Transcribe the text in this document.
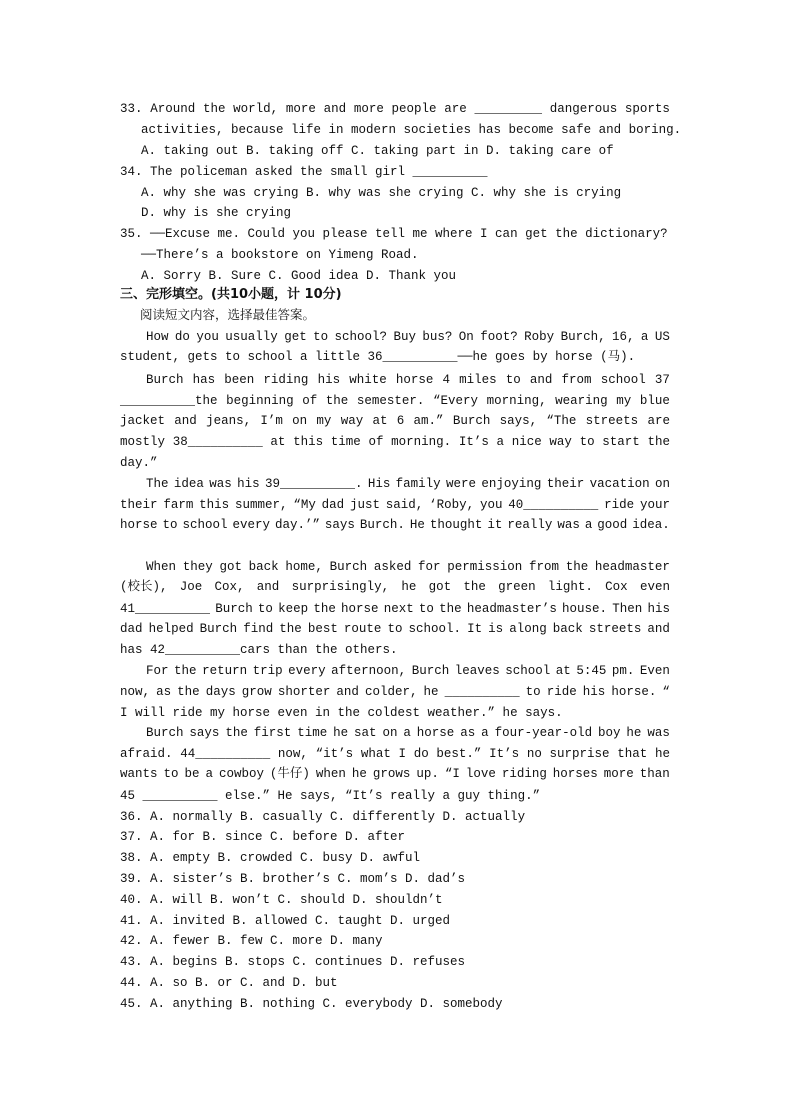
33. Around the world, more and more people are _________ dangerous sports
activities, because life in modern societies has become safe and boring.
A. taking out B. taking off C. taking part in D. taking care of
34. The policeman asked the small girl __________
A. why she was crying B. why was she crying C. why she is crying
D. why is she crying
35. ──Excuse me. Could you please tell me where I can get the dictionary?
──There’s a bookstore on Yimeng Road.
A. Sorry B. Sure C. Good idea D. Thank you
三、完形填空。(共10小题，计 10分)
阅读短文内容，选择最佳答案。
How do you usually get to school? Buy bus? On foot? Roby Burch, 16, a US
student, gets to school a little 36__________──he goes by horse (马).
Burch has been riding his white horse 4 miles to and from school 37
__________the beginning of the semester. “Every morning, wearing my blue
jacket and jeans, I’m on my way at 6 am.” Burch says, “The streets are
mostly 38__________ at this time of morning. It’s a nice way to start the
day.”
The idea was his 39__________. His family were enjoying their vacation on
their farm this summer, “My dad just said, ‘Roby, you 40__________ ride your
horse to school every day.’” says Burch. He thought it really was a good idea.
When they got back home, Burch asked for permission from the headmaster
(校长), Joe Cox, and surprisingly, he got the green light. Cox even
41__________ Burch to keep the horse next to the headmaster’s house. Then his
dad helped Burch find the best route to school. It is along back streets and
has 42__________cars than the others.
For the return trip every afternoon, Burch leaves school at 5:45 pm. Even
now, as the days grow shorter and colder, he __________ to ride his horse. “
I will ride my horse even in the coldest weather.” he says.
Burch says the first time he sat on a horse as a four-year-old boy he was
afraid. 44__________ now, “it’s what I do best.” It’s no surprise that he
wants to be a cowboy (牛仔) when he grows up. “I love riding horses more than
45 __________ else.” He says, “It’s really a guy thing.”
36. A. normally B. casually C. differently D. actually
37. A. for B. since C. before D. after
38. A. empty B. crowded C. busy D. awful
39. A. sister’s B. brother’s C. mom’s D. dad’s
40. A. will B. won’t C. should D. shouldn’t
41. A. invited B. allowed C. taught D. urged
42. A. fewer B. few C. more D. many
43. A. begins B. stops C. continues D. refuses
44. A. so B. or C. and D. but
45. A. anything B. nothing C. everybody D. somebody
